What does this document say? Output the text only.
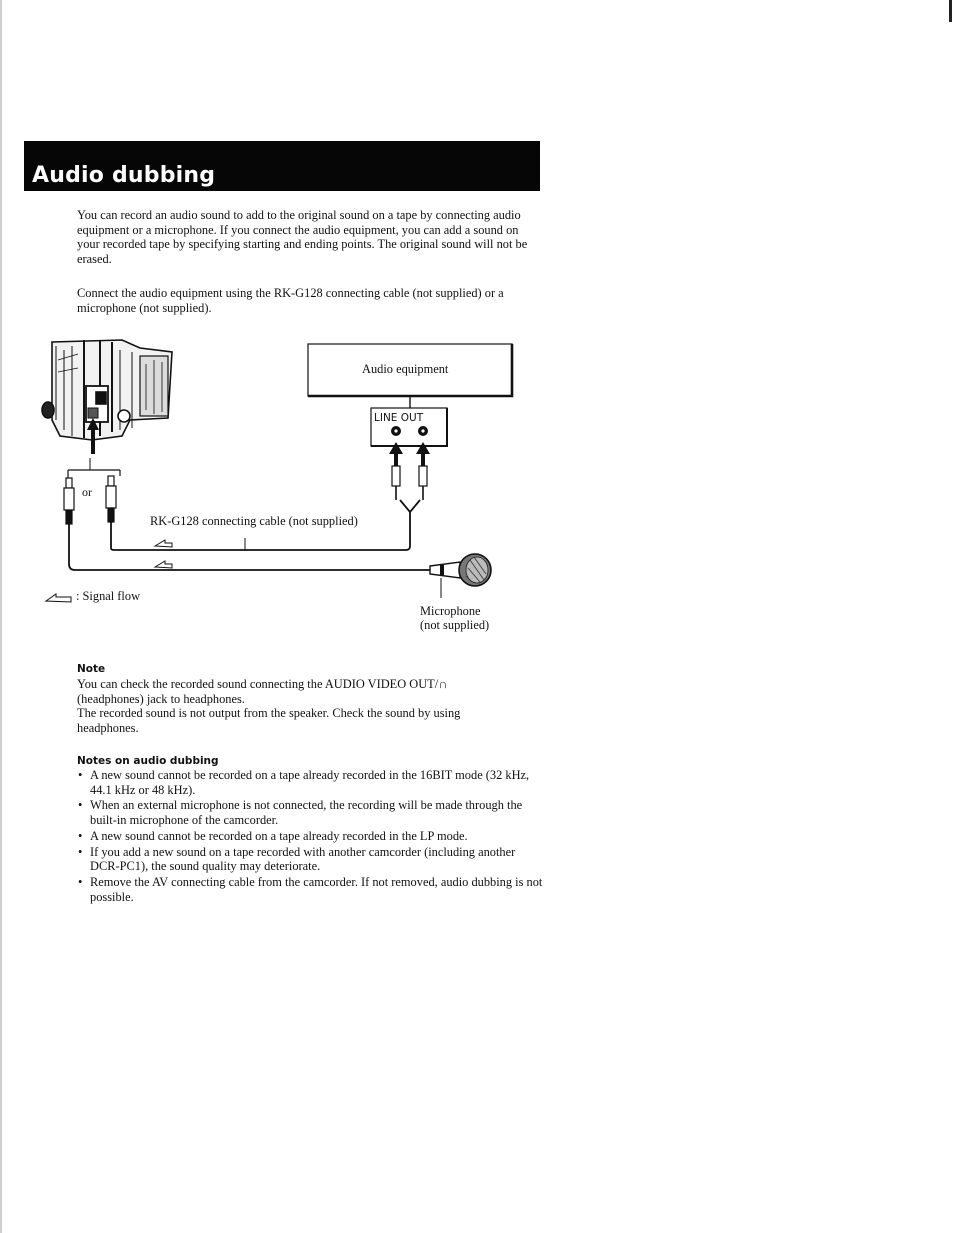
Audio dubbing

You can record an audio sound to add to the original sound on a tape by connecting audio equipment or a microphone. If you connect the audio equipment, you can add a sound on your recorded tape by specifying starting and ending points. The original sound will not be erased.

Connect the audio equipment using the RK-G128 connecting cable (not supplied) or a microphone (not supplied).

Audio equipment
LINE OUT
or
RK-G128 connecting cable (not supplied)
: Signal flow
Microphone
(not supplied)

Note

You can check the recorded sound connecting the AUDIO VIDEO OUT/∩ (headphones) jack to headphones.

The recorded sound is not output from the speaker. Check the sound by using headphones.

Notes on audio dubbing

• A new sound cannot be recorded on a tape already recorded in the 16BIT mode (32 kHz, 44.1 kHz or 48 kHz).
• When an external microphone is not connected, the recording will be made through the built-in microphone of the camcorder.
• A new sound cannot be recorded on a tape already recorded in the LP mode.
• If you add a new sound on a tape recorded with another camcorder (including another DCR-PC1), the sound quality may deteriorate.
• Remove the AV connecting cable from the camcorder. If not removed, audio dubbing is not possible.
